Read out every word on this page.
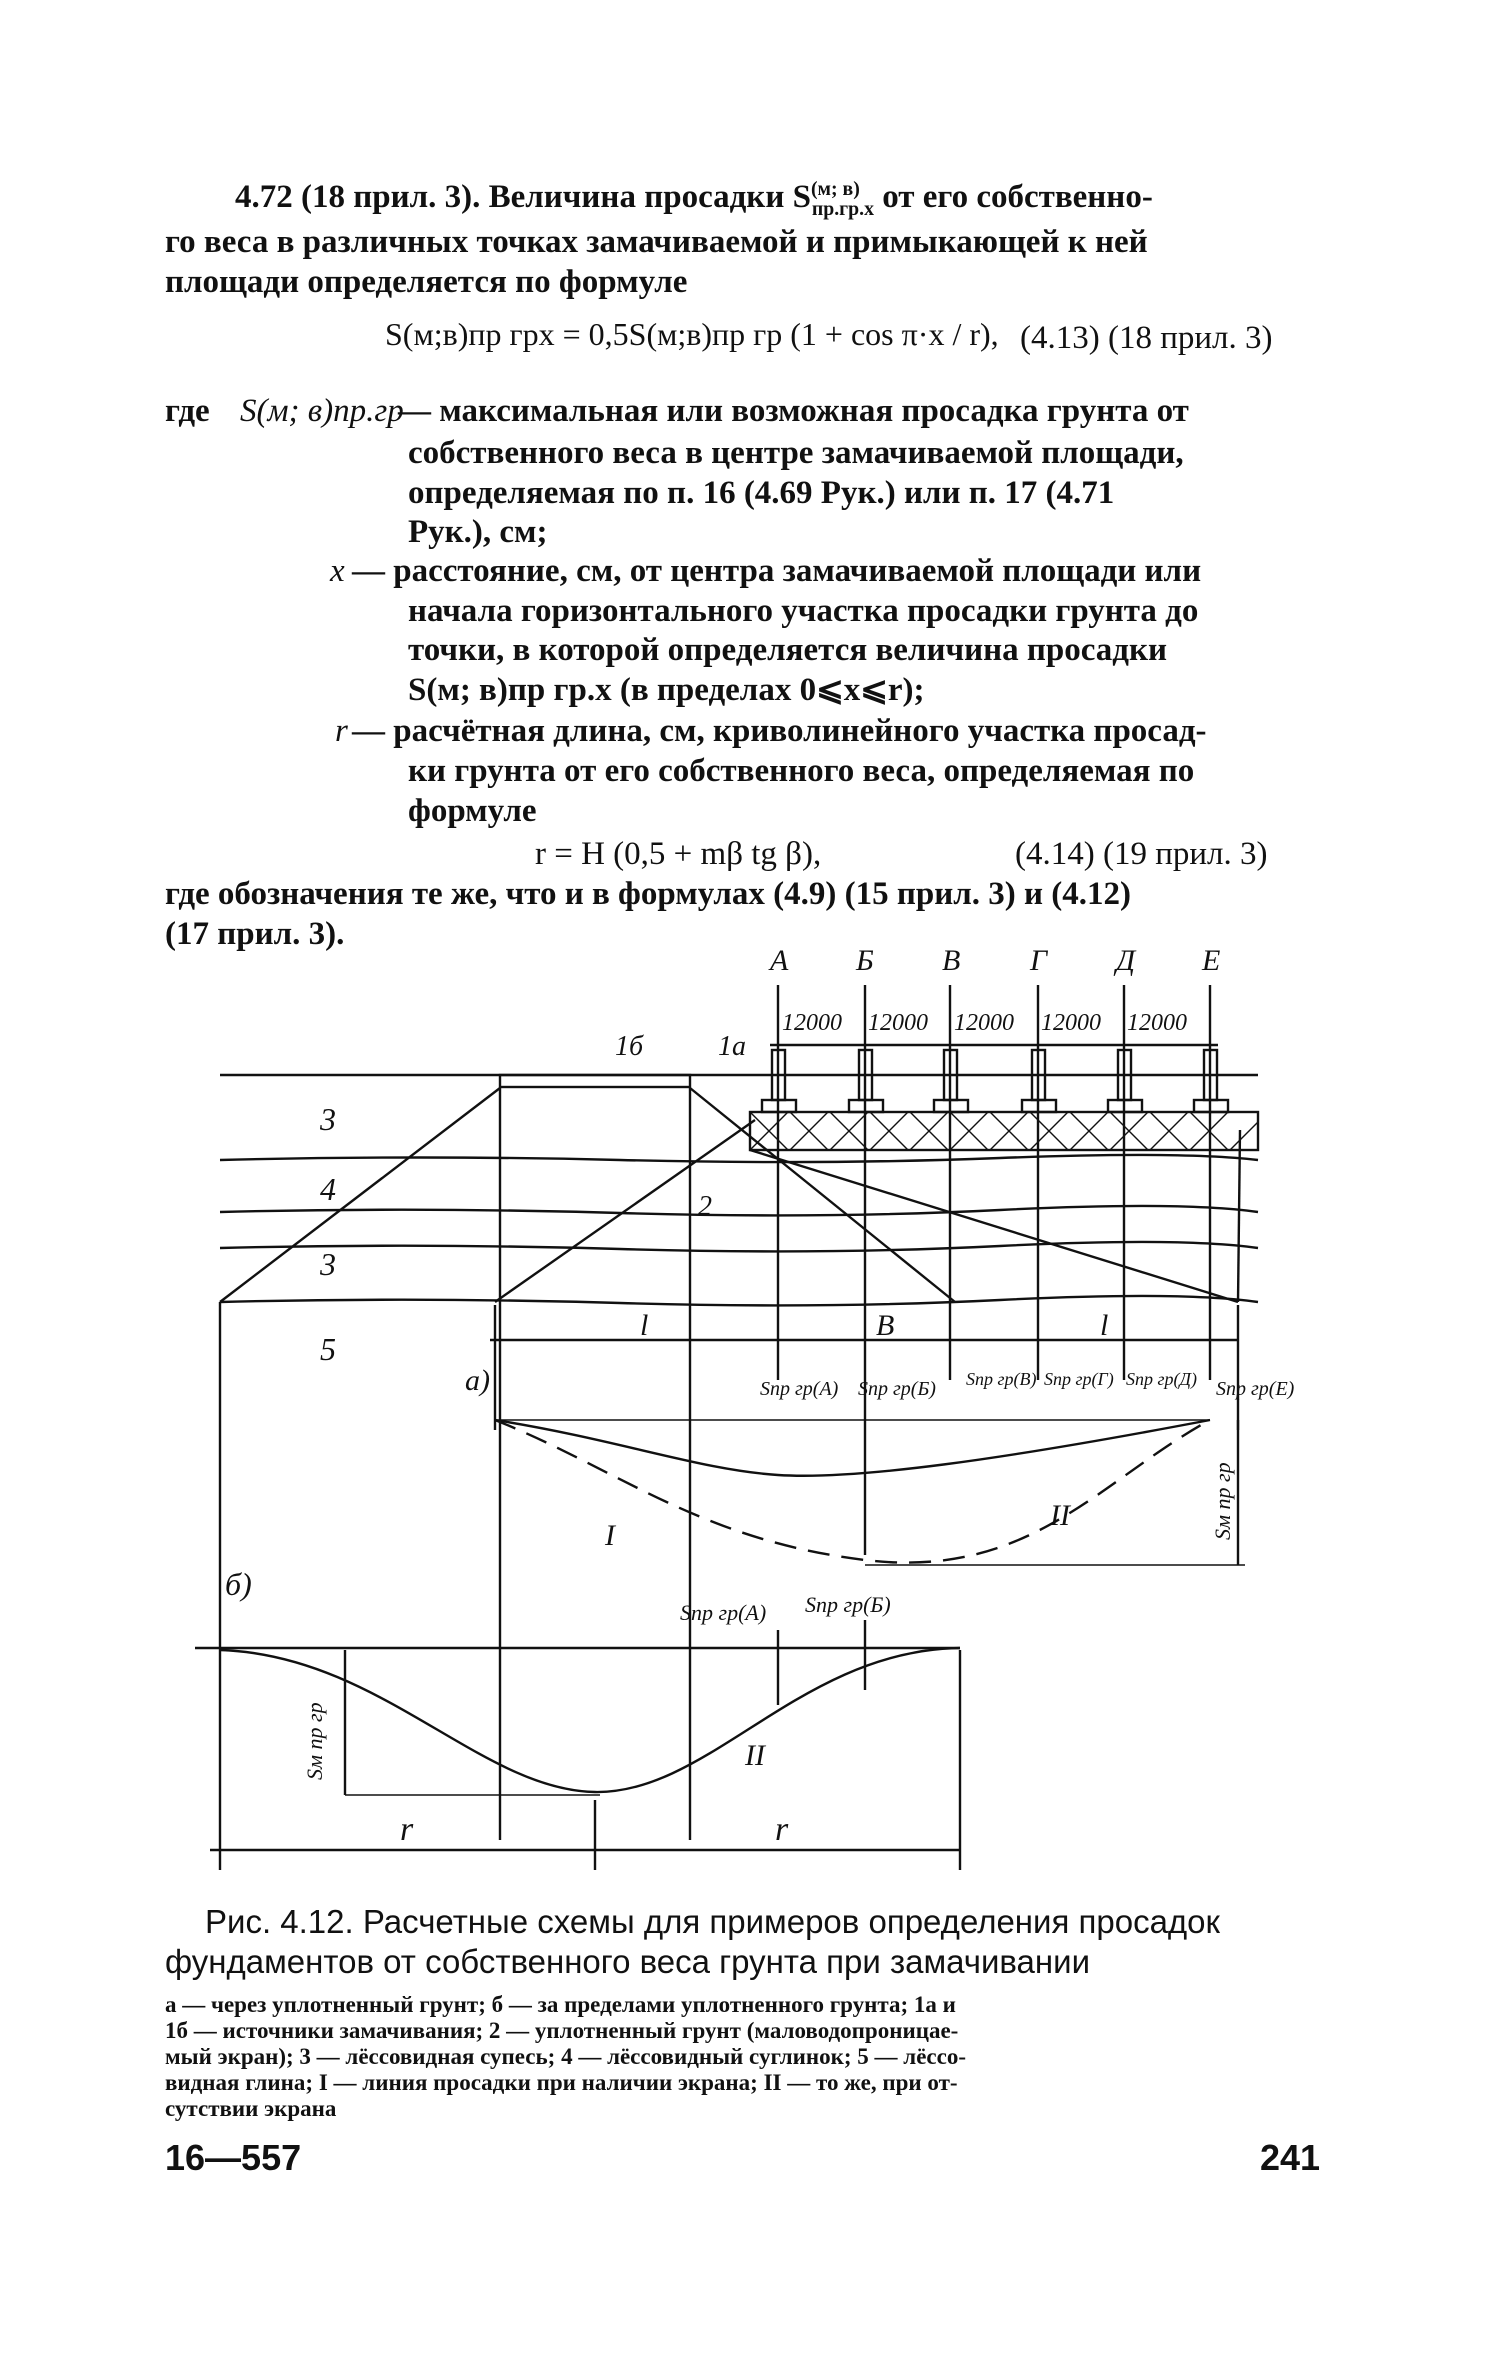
4.72 (18 прил. 3). Величина просадки $S^{(м; в)}_{пр.гр.x}$ от его собственно-
го веса в различных точках замачиваемой и примыкающей к ней
площади определяется по формуле
S(м;в)пр грx = 0,5S(м;в)пр гр (1 + cos π·x / r), (4.13) (18 прил. 3)
где S(м; в)пр.гр
— максимальная или возможная просадка грунта от
собственного веса в центре замачиваемой площади,
определяемая по п. 16 (4.69 Рук.) или п. 17 (4.71
Рук.), см;
x — расстояние, см, от центра замачиваемой площади или
начала горизонтального участка просадки грунта до
точки, в которой определяется величина просадки
S(м; в)пр гр.x (в пределах 0⩽x⩽r);
r — расчётная длина, см, криволинейного участка просад-
ки грунта от его собственного веса, определяемая по
формуле
r = H (0,5 + mβ tg β),	(4.14) (19 прил. 3)
где обозначения те же, что и в формулах (4.9) (15 прил. 3) и (4.12)
(17 прил. 3).
А Б В Г Д Е
12000 12000 12000 12000 12000
1б	1а
2
3
4
3
5
l	B	l
а)
б)
Sпр гр(А) Sпр гр(Б) Sпр гр(В) Sпр гр(Г) Sпр гр(Д) Sпр гр(Е)
Sм пр гр
I
II
Sпр гр(А) Sпр гр(Б)
Sм пр гр	II
r	r
Рис. 4.12. Расчетные схемы для примеров определения просадок
фундаментов от собственного веса грунта при замачивании
а — через уплотненный грунт; б — за пределами уплотненного грунта; 1а и
1б — источники замачивания; 2 — уплотненный грунт (маловодопроницае-
мый экран); 3 — лёссовидная супесь; 4 — лёссовидный суглинок; 5 — лёссо-
видная глина; I — линия просадки при наличии экрана; II — то же, при от-
сутствии экрана
16—557	241
